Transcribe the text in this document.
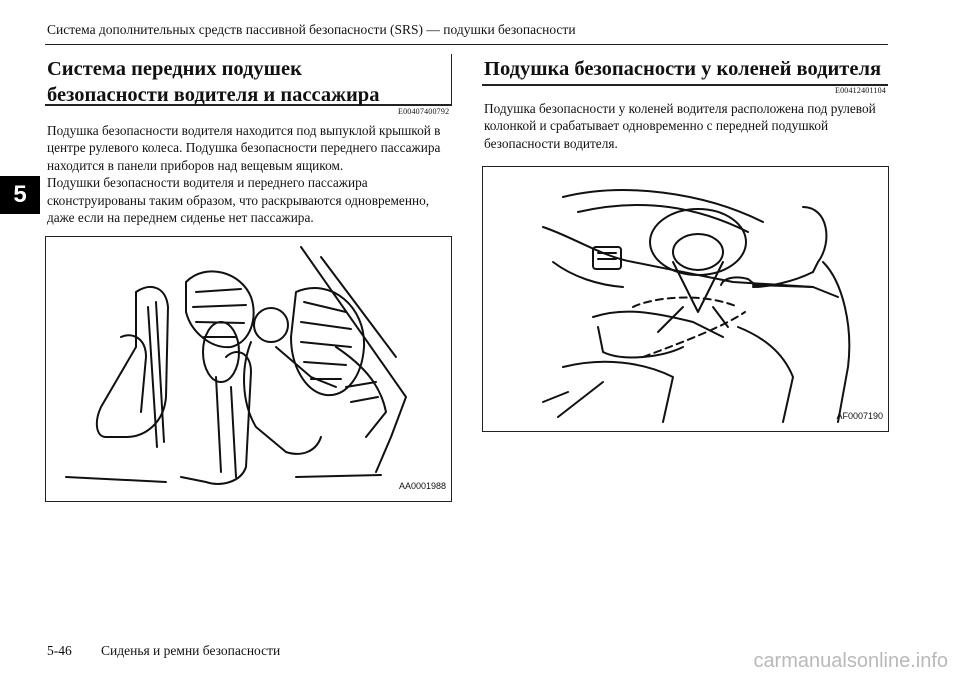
Система дополнительных средств пассивной безопасности (SRS) — подушки безопасности
5
Система передних подушек безопасности водителя и пассажира
E00407400792

Подушка безопасности водителя находится под выпуклой крышкой в центре рулевого колеса. Подушка безопасности переднего пассажира находится в панели приборов над вещевым ящиком.

Подушки безопасности водителя и переднего пассажира сконструированы таким образом, что раскрываются одновременно, даже если на переднем сиденье нет пассажира.

AA0001988
Подушка безопасности у коленей водителя
E00412401104

Подушка безопасности у коленей водителя расположена под рулевой колонкой и срабатывает одновременно с передней подушкой безопасности водителя.

AF0007190
5-46 Сиденья и ремни безопасности	carmanualsonline.info
